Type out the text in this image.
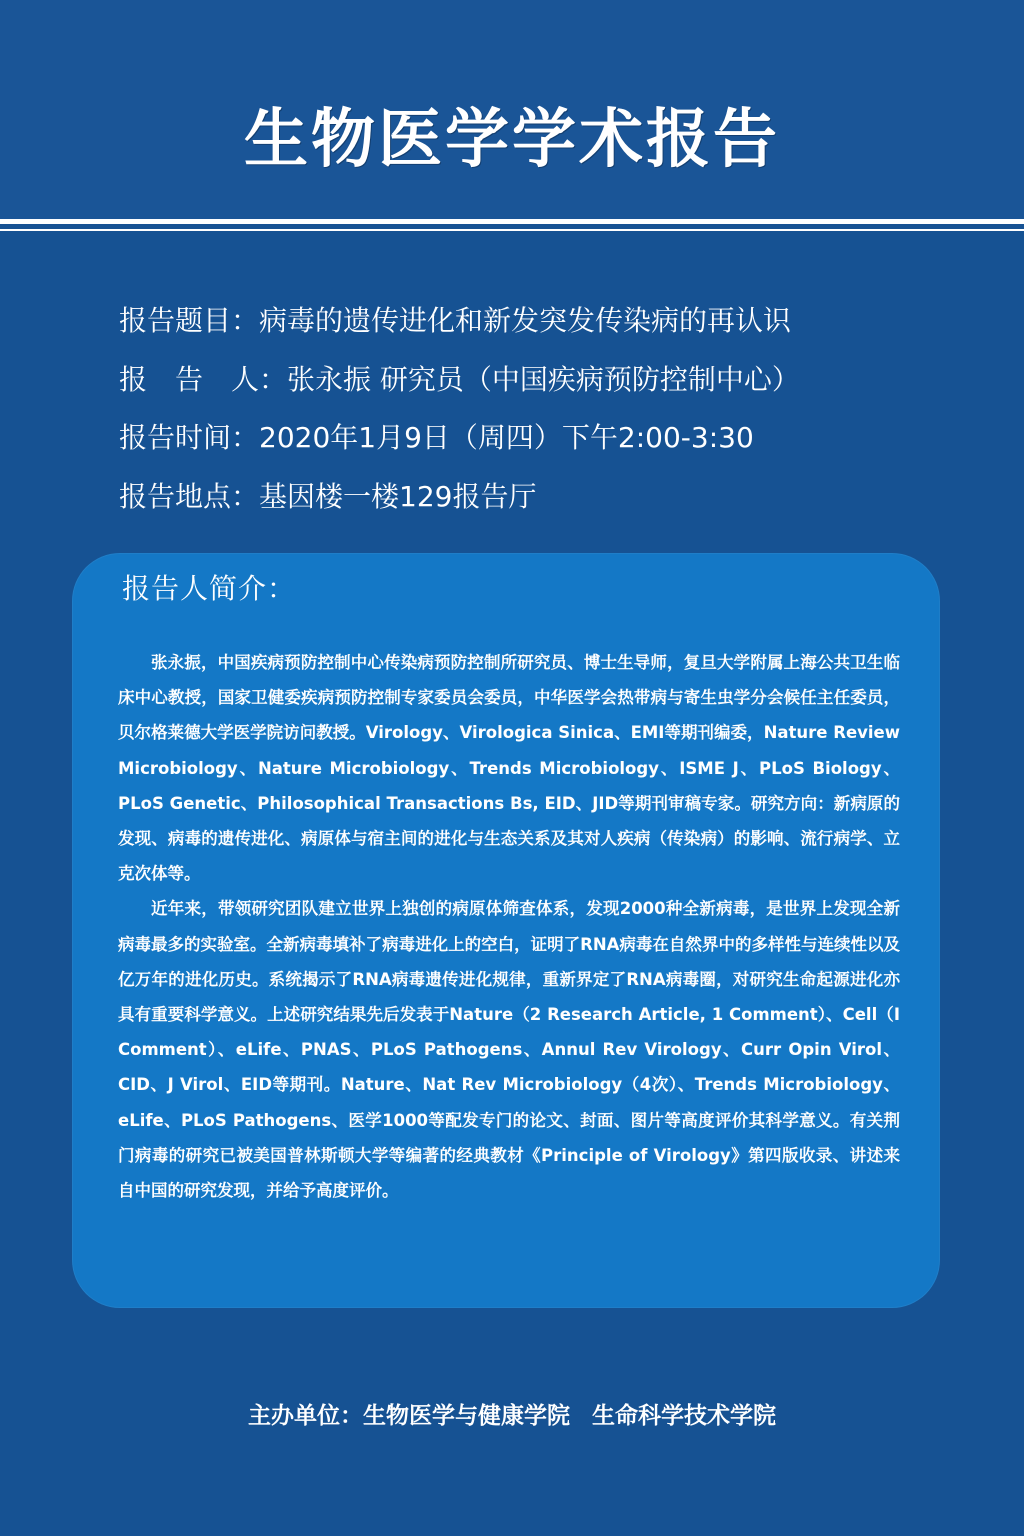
生物医学学术报告
报告题目：病毒的遗传进化和新发突发传染病的再认识
报　告　人：张永振 研究员（中国疾病预防控制中心）
报告时间：2020年1月9日（周四）下午2:00-3:30
报告地点：基因楼一楼129报告厅
报告人简介：

张永振，中国疾病预防控制中心传染病预防控制所研究员、博士生导师，复旦大学附属上海公共卫生临床中心教授，国家卫健委疾病预防控制专家委员会委员，中华医学会热带病与寄生虫学分会候任主任委员，贝尔格莱德大学医学院访问教授。Virology、Virologica Sinica、EMI等期刊编委，Nature Review Microbiology、Nature Microbiology、Trends Microbiology、ISME J、PLoS Biology、PLoS Genetic、Philosophical Transactions Bs, EID、JID等期刊审稿专家。研究方向：新病原的发现、病毒的遗传进化、病原体与宿主间的进化与生态关系及其对人疾病（传染病）的影响、流行病学、立克次体等。

近年来，带领研究团队建立世界上独创的病原体筛查体系，发现2000种全新病毒，是世界上发现全新病毒最多的实验室。全新病毒填补了病毒进化上的空白，证明了RNA病毒在自然界中的多样性与连续性以及亿万年的进化历史。系统揭示了RNA病毒遗传进化规律，重新界定了RNA病毒圈，对研究生命起源进化亦具有重要科学意义。上述研究结果先后发表于Nature（2 Research Article, 1 Comment）、Cell（I Comment）、eLife、PNAS、PLoS Pathogens、Annul Rev Virology、Curr Opin Virol、CID、J Virol、EID等期刊。Nature、Nat Rev Microbiology（4次）、Trends Microbiology、eLife、PLoS Pathogens、医学1000等配发专门的论文、封面、图片等高度评价其科学意义。有关荆门病毒的研究已被美国普林斯顿大学等编著的经典教材《Principle of Virology》第四版收录、讲述来自中国的研究发现，并给予高度评价。

主办单位：生物医学与健康学院 生命科学技术学院
